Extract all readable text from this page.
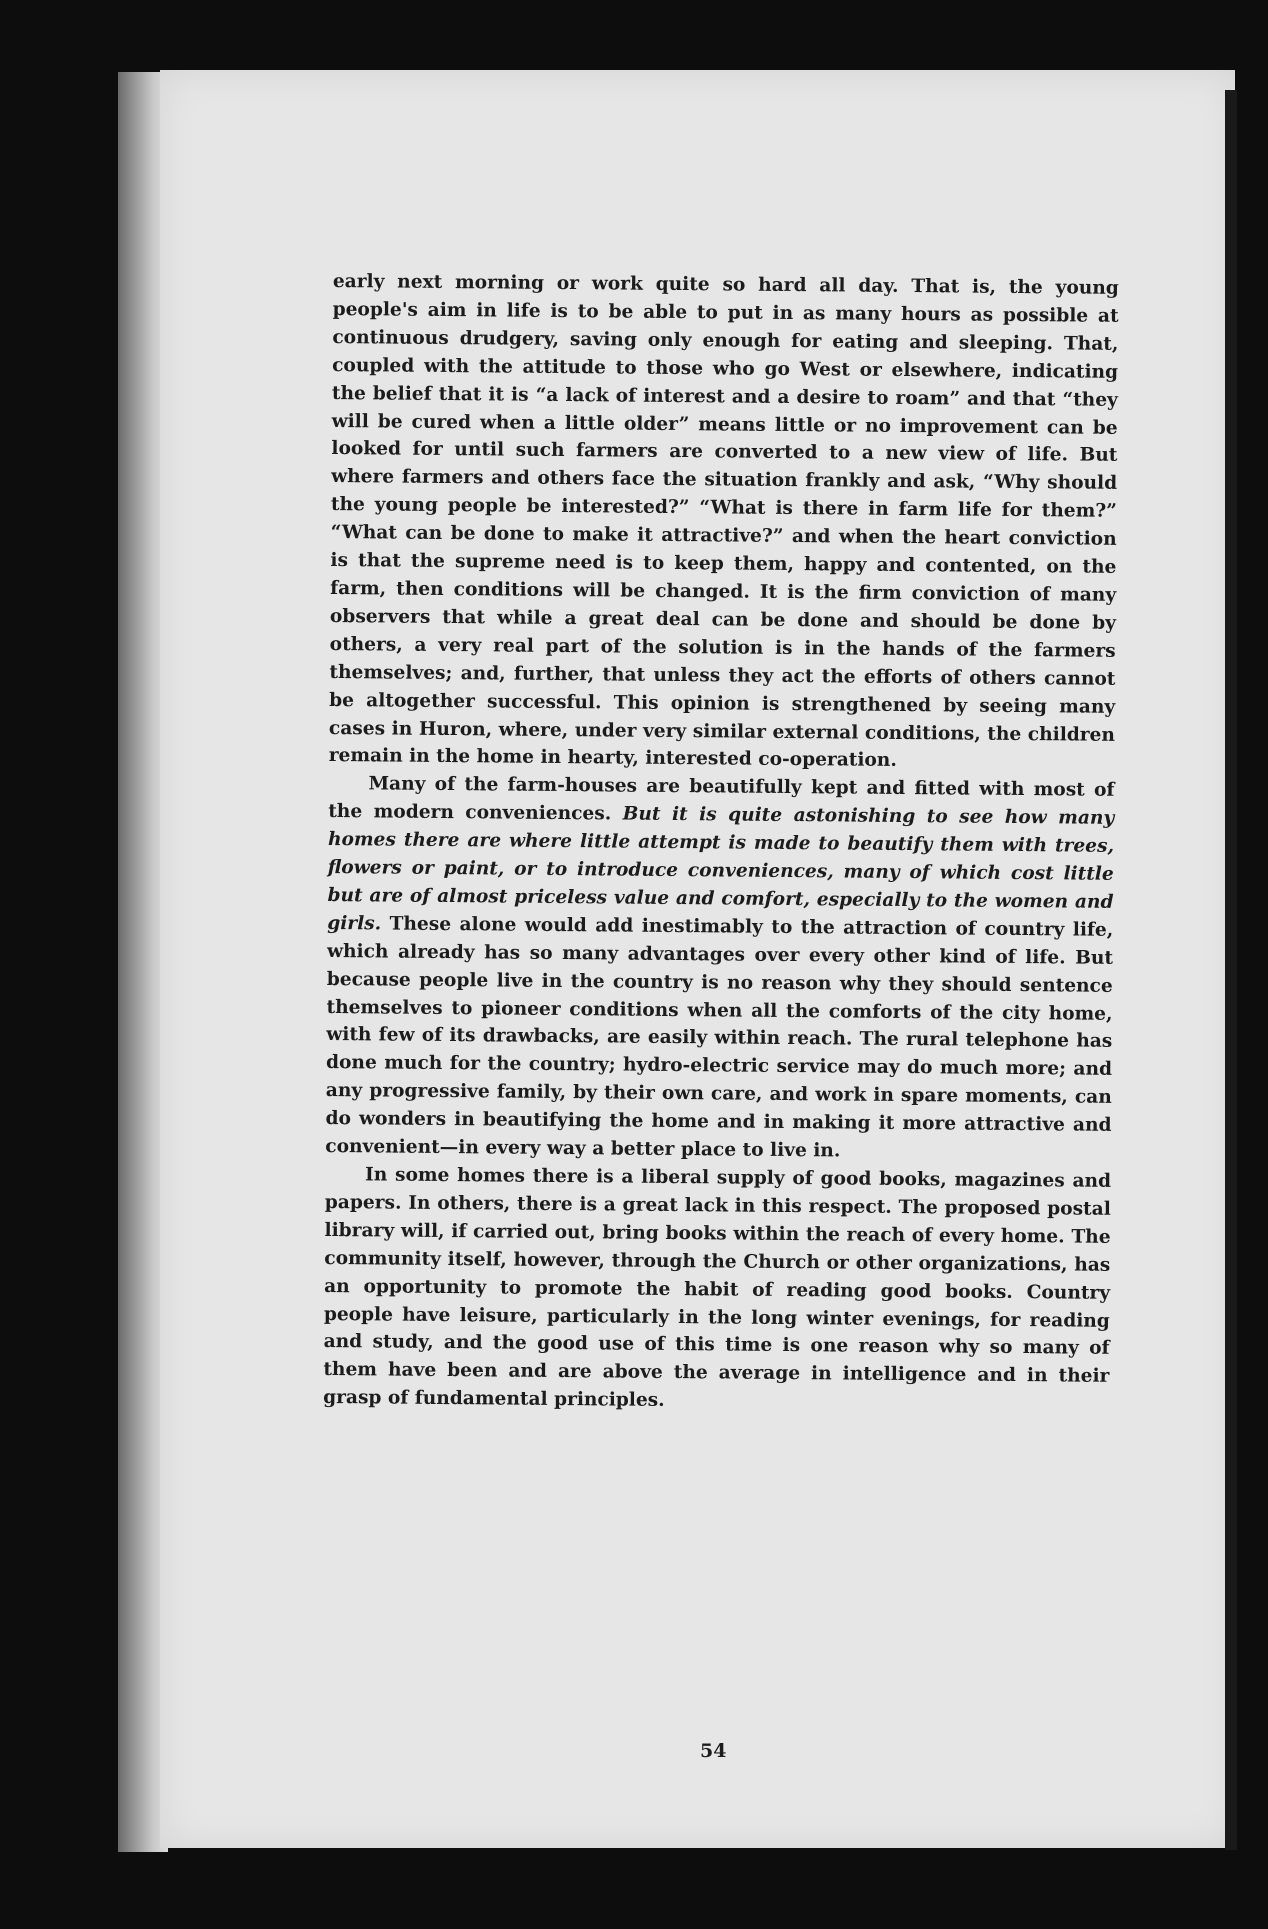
early next morning or work quite so hard all day. That is, the young people's aim in life is to be able to put in as many hours as possible at continuous drudgery, saving only enough for eating and sleeping. That, coupled with the attitude to those who go West or elsewhere, indicating the belief that it is “a lack of interest and a desire to roam” and that “they will be cured when a little older” means little or no improvement can be looked for until such farmers are converted to a new view of life. But where farmers and others face the situation frankly and ask, “Why should the young people be interested?” “What is there in farm life for them?” “What can be done to make it attractive?” and when the heart conviction is that the supreme need is to keep them, happy and contented, on the farm, then conditions will be changed. It is the firm conviction of many observers that while a great deal can be done and should be done by others, a very real part of the solution is in the hands of the farmers themselves; and, further, that unless they act the efforts of others cannot be altogether successful. This opinion is strengthened by seeing many cases in Huron, where, under very similar external conditions, the children remain in the home in hearty, interested co-operation.

Many of the farm-houses are beautifully kept and fitted with most of the modern conveniences. But it is quite astonishing to see how many homes there are where little attempt is made to beautify them with trees, flowers or paint, or to introduce conveniences, many of which cost little but are of almost priceless value and comfort, especially to the women and girls. These alone would add inestimably to the attraction of country life, which already has so many advantages over every other kind of life. But because people live in the country is no reason why they should sentence themselves to pioneer conditions when all the comforts of the city home, with few of its drawbacks, are easily within reach. The rural telephone has done much for the country; hydro-electric service may do much more; and any progressive family, by their own care, and work in spare moments, can do wonders in beautifying the home and in making it more attractive and convenient—in every way a better place to live in.

In some homes there is a liberal supply of good books, magazines and papers. In others, there is a great lack in this respect. The proposed postal library will, if carried out, bring books within the reach of every home. The community itself, however, through the Church or other organizations, has an opportunity to promote the habit of reading good books. Country people have leisure, particularly in the long winter evenings, for reading and study, and the good use of this time is one reason why so many of them have been and are above the average in intelligence and in their grasp of fundamental principles.

54
